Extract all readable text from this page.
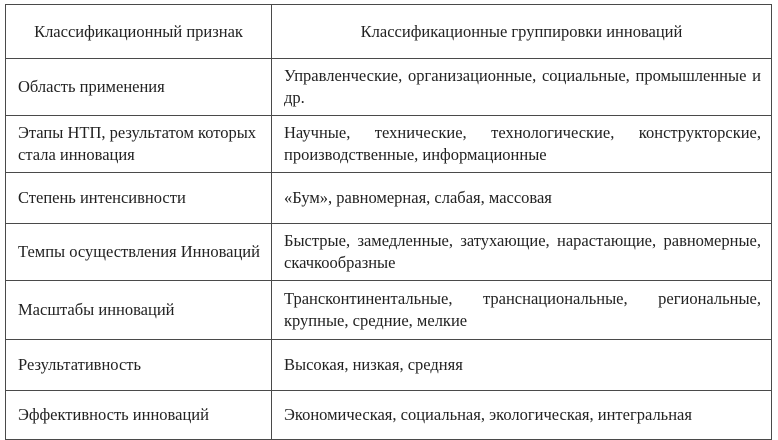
Классификационный признак	Классификационные группировки инноваций
Область применения	Управленческие, организационные, социальные, промышленные и др.
Этапы НТП, результатом которых стала инновация	Научные, технические, технологические, конструкторские, производственные, информационные
Степень интенсивности	«Бум», равномерная, слабая, массовая
Темпы осуществления Инноваций	Быстрые, замедленные, затухающие, нарастающие, равномерные, скачкообразные
Масштабы инноваций	Трансконтинентальные, транснациональные, региональные, крупные, средние, мелкие
Результативность	Высокая, низкая, средняя
Эффективность инноваций	Экономическая, социальная, экологическая, интегральная
